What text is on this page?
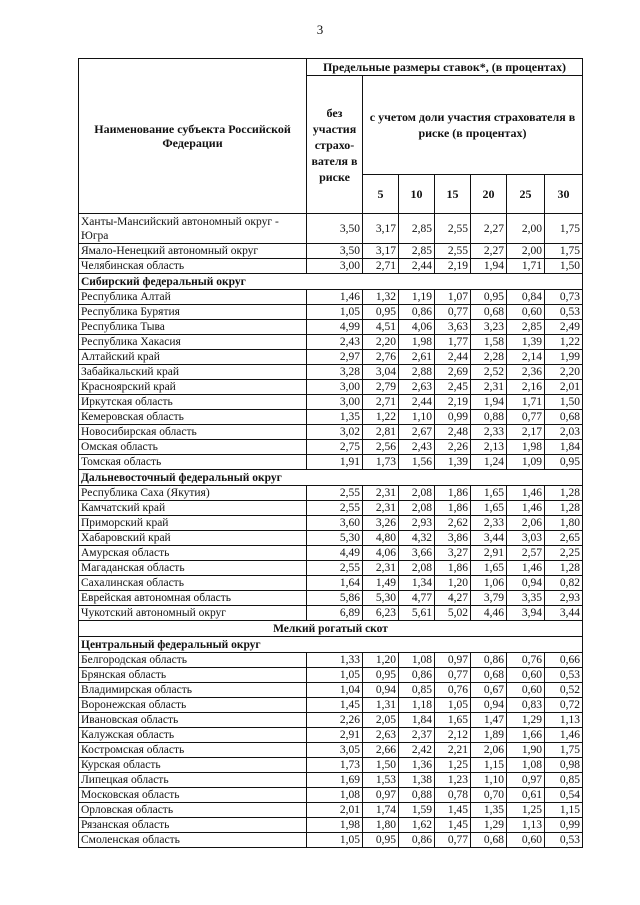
3
Наименование субъекта Российской Федерации	Предельные размеры ставок*, (в процентах)						
	без участия страхо-вателя в риске	с учетом доли участия страхователя в риске (в процентах)					
		5	10	15	20	25	30
Ханты-Мансийский автономный округ - Югра	3,50	3,17	2,85	2,55	2,27	2,00	1,75
Ямало-Ненецкий автономный округ	3,50	3,17	2,85	2,55	2,27	2,00	1,75
Челябинская область	3,00	2,71	2,44	2,19	1,94	1,71	1,50
Сибирский федеральный округ							
Республика Алтай	1,46	1,32	1,19	1,07	0,95	0,84	0,73
Республика Бурятия	1,05	0,95	0,86	0,77	0,68	0,60	0,53
Республика Тыва	4,99	4,51	4,06	3,63	3,23	2,85	2,49
Республика Хакасия	2,43	2,20	1,98	1,77	1,58	1,39	1,22
Алтайский край	2,97	2,76	2,61	2,44	2,28	2,14	1,99
Забайкальский край	3,28	3,04	2,88	2,69	2,52	2,36	2,20
Красноярский край	3,00	2,79	2,63	2,45	2,31	2,16	2,01
Иркутская область	3,00	2,71	2,44	2,19	1,94	1,71	1,50
Кемеровская область	1,35	1,22	1,10	0,99	0,88	0,77	0,68
Новосибирская область	3,02	2,81	2,67	2,48	2,33	2,17	2,03
Омская область	2,75	2,56	2,43	2,26	2,13	1,98	1,84
Томская область	1,91	1,73	1,56	1,39	1,24	1,09	0,95
Дальневосточный федеральный округ							
Республика Саха (Якутия)	2,55	2,31	2,08	1,86	1,65	1,46	1,28
Камчатский край	2,55	2,31	2,08	1,86	1,65	1,46	1,28
Приморский край	3,60	3,26	2,93	2,62	2,33	2,06	1,80
Хабаровский край	5,30	4,80	4,32	3,86	3,44	3,03	2,65
Амурская область	4,49	4,06	3,66	3,27	2,91	2,57	2,25
Магаданская область	2,55	2,31	2,08	1,86	1,65	1,46	1,28
Сахалинская область	1,64	1,49	1,34	1,20	1,06	0,94	0,82
Еврейская автономная область	5,86	5,30	4,77	4,27	3,79	3,35	2,93
Чукотский автономный округ	6,89	6,23	5,61	5,02	4,46	3,94	3,44
Мелкий рогатый скот							
Центральный федеральный округ							
Белгородская область	1,33	1,20	1,08	0,97	0,86	0,76	0,66
Брянская область	1,05	0,95	0,86	0,77	0,68	0,60	0,53
Владимирская область	1,04	0,94	0,85	0,76	0,67	0,60	0,52
Воронежская область	1,45	1,31	1,18	1,05	0,94	0,83	0,72
Ивановская область	2,26	2,05	1,84	1,65	1,47	1,29	1,13
Калужская область	2,91	2,63	2,37	2,12	1,89	1,66	1,46
Костромская область	3,05	2,66	2,42	2,21	2,06	1,90	1,75
Курская область	1,73	1,50	1,36	1,25	1,15	1,08	0,98
Липецкая область	1,69	1,53	1,38	1,23	1,10	0,97	0,85
Московская область	1,08	0,97	0,88	0,78	0,70	0,61	0,54
Орловская область	2,01	1,74	1,59	1,45	1,35	1,25	1,15
Рязанская область	1,98	1,80	1,62	1,45	1,29	1,13	0,99
Смоленская область	1,05	0,95	0,86	0,77	0,68	0,60	0,53
